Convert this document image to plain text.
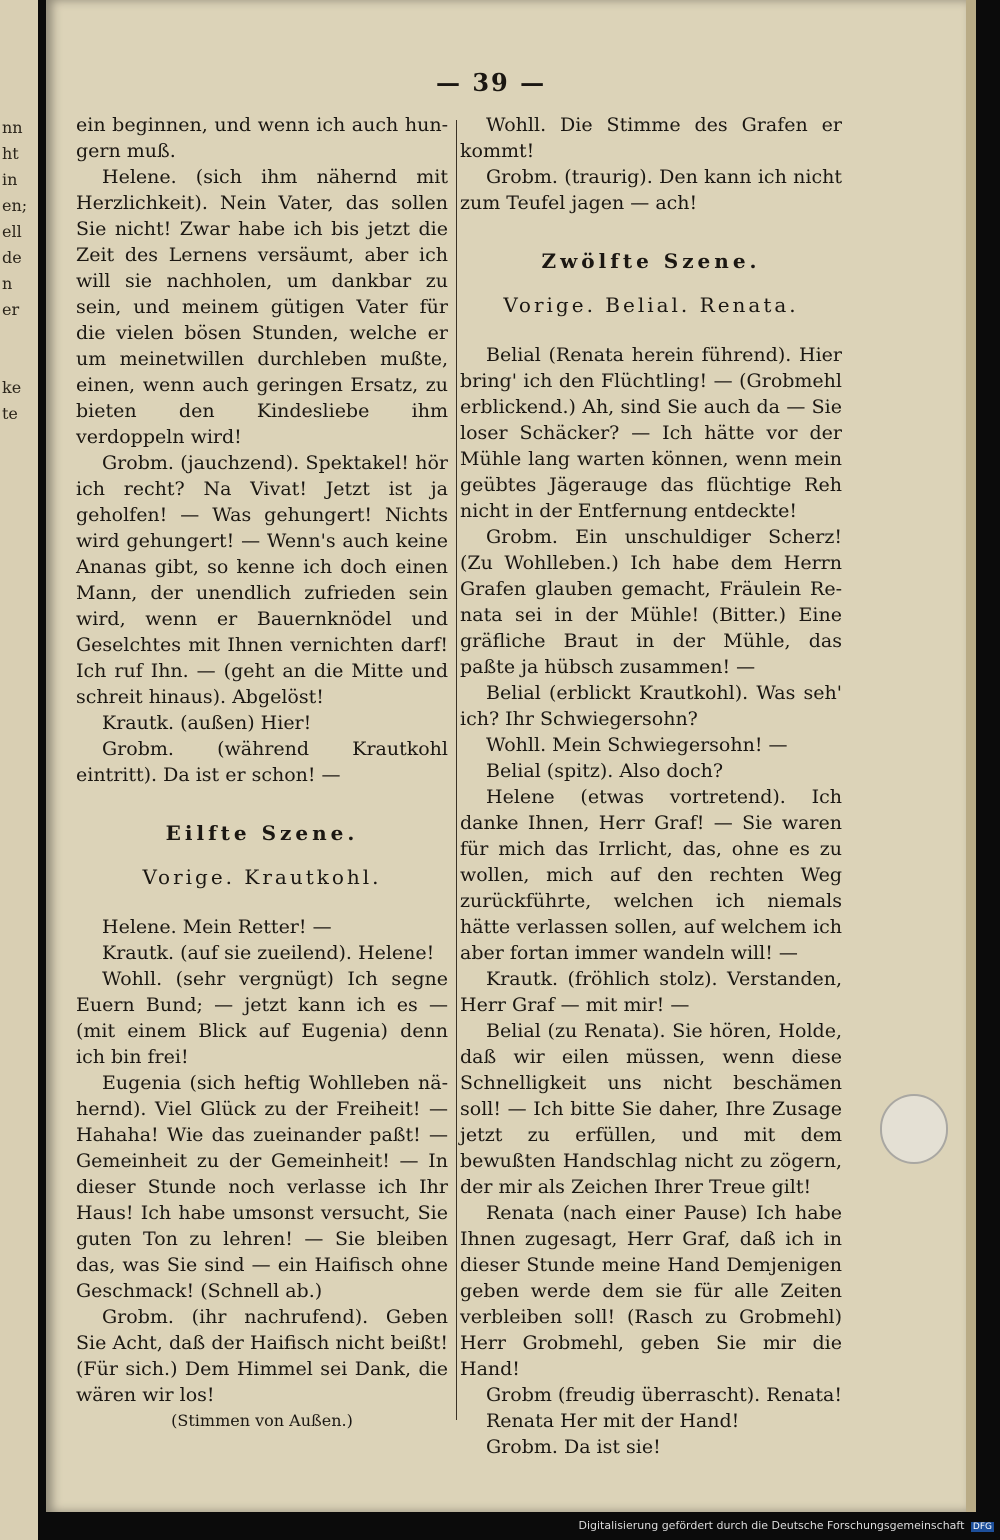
nn
ht
in
en;
ell
de
n
er
ke
te
— 39 —

ein beginnen, und wenn ich auch hungern muß.

Helene. (sich ihm nähernd mit Herzlichkeit). Nein Vater, das sollen Sie nicht! Zwar habe ich bis jetzt die Zeit des Lernens versäumt, aber ich will sie nachholen, um dankbar zu sein, und meinem gütigen Vater für die vielen bösen Stunden, welche er um meinetwillen durchleben mußte, einen, wenn auch geringen Ersatz, zu bieten den Kindesliebe ihm verdoppeln wird!

Grobm. (jauchzend). Spektakel! hör ich recht? Na Vivat! Jetzt ist ja geholfen! — Was gehungert! Nichts wird gehungert! — Wenn's auch keine Ananas gibt, so kenne ich doch einen Mann, der unendlich zufrieden sein wird, wenn er Bauernknödel und Geselchtes mit Ihnen vernichten darf! Ich ruf Ihn. — (geht an die Mitte und schreit hinaus). Abgelöst!

Krautk. (außen) Hier!

Grobm. (während Krautkohl eintritt). Da ist er schon! —

Eilfte Szene.
Vorige. Krautkohl.

Helene. Mein Retter! —

Krautk. (auf sie zueilend). Helene!

Wohll. (sehr vergnügt) Ich segne Euern Bund; — jetzt kann ich es — (mit einem Blick auf Eugenia) denn ich bin frei!

Eugenia (sich heftig Wohlleben nähernd). Viel Glück zu der Freiheit! — Hahaha! Wie das zueinander paßt! — Gemeinheit zu der Gemeinheit! — In dieser Stunde noch verlasse ich Ihr Haus! Ich habe umsonst versucht, Sie guten Ton zu lehren! — Sie bleiben das, was Sie sind — ein Haifisch ohne Geschmack! (Schnell ab.)

Grobm. (ihr nachrufend). Geben Sie Acht, daß der Haifisch nicht beißt! (Für sich.) Dem Himmel sei Dank, die wären wir los!

(Stimmen von Außen.)

Wohll. Die Stimme des Grafen er kommt!

Grobm. (traurig). Den kann ich nicht zum Teufel jagen — ach!

Zwölfte Szene.
Vorige. Belial. Renata.

Belial (Renata herein führend). Hier bring' ich den Flüchtling! — (Grobmehl erblickend.) Ah, sind Sie auch da — Sie loser Schäcker? — Ich hätte vor der Mühle lang warten können, wenn mein geübtes Jägerauge das flüchtige Reh nicht in der Entfernung entdeckte!

Grobm. Ein unschuldiger Scherz! (Zu Wohlleben.) Ich habe dem Herrn Grafen glauben gemacht, Fräulein Renata sei in der Mühle! (Bitter.) Eine gräfliche Braut in der Mühle, das paßte ja hübsch zusammen! —

Belial (erblickt Krautkohl). Was seh' ich? Ihr Schwiegersohn?

Wohll. Mein Schwiegersohn! —

Belial (spitz). Also doch?

Helene (etwas vortretend). Ich danke Ihnen, Herr Graf! — Sie waren für mich das Irrlicht, das, ohne es zu wollen, mich auf den rechten Weg zurückführte, welchen ich niemals hätte verlassen sollen, auf welchem ich aber fortan immer wandeln will! —

Krautk. (fröhlich stolz). Verstanden, Herr Graf — mit mir! —

Belial (zu Renata). Sie hören, Holde, daß wir eilen müssen, wenn diese Schnelligkeit uns nicht beschämen soll! — Ich bitte Sie daher, Ihre Zusage jetzt zu erfüllen, und mit dem bewußten Handschlag nicht zu zögern, der mir als Zeichen Ihrer Treue gilt!

Renata (nach einer Pause) Ich habe Ihnen zugesagt, Herr Graf, daß ich in dieser Stunde meine Hand Demjenigen geben werde dem sie für alle Zeiten verbleiben soll! (Rasch zu Grobmehl) Herr Grobmehl, geben Sie mir die Hand!

Grobm (freudig überrascht). Renata!

Renata Her mit der Hand!

Grobm. Da ist sie!

Digitalisierung gefördert durch die Deutsche Forschungsgemeinschaft DFG
